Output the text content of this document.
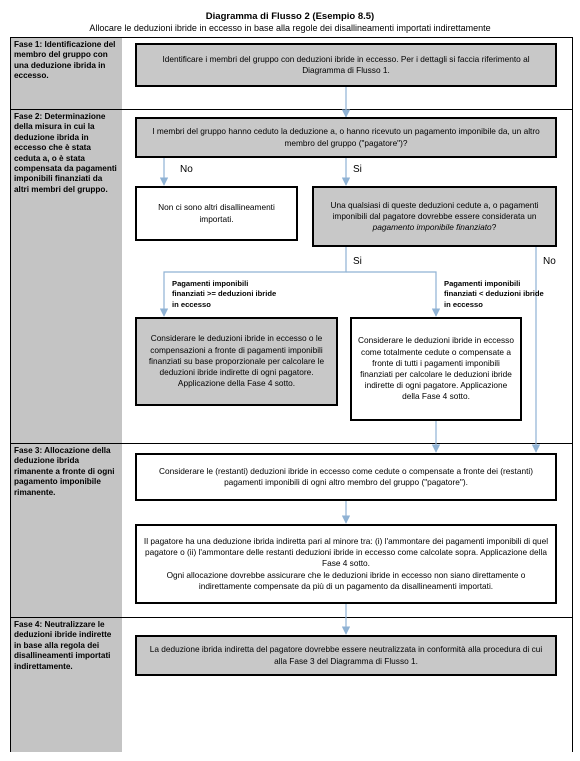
Diagramma di Flusso 2 (Esempio 8.5)
Allocare le deduzioni ibride in eccesso in base alla regole dei disallineamenti importati indirettamente
Fase 1: Identificazione del membro del gruppo con una deduzione ibrida in eccesso.
Fase 2: Determinazione della misura in cui la deduzione ibrida in eccesso che è stata ceduta a, o è stata compensata da pagamenti imponibili finanziati da altri membri del gruppo.
Fase 3: Allocazione della deduzione ibrida rimanente a fronte di ogni pagamento imponibile rimanente.
Fase 4: Neutralizzare le deduzioni ibride indirette in base alla regola dei disallineamenti importati indirettamente.
Identificare i membri del gruppo con deduzioni ibride in eccesso. Per i dettagli si faccia riferimento al Diagramma di Flusso 1.
I membri del gruppo hanno ceduto la deduzione a, o hanno ricevuto un pagamento imponibile da, un altro membro del gruppo ("pagatore")?
No	Si
Non ci sono altri disallineamenti importati.
Una qualsiasi di queste deduzioni cedute a, o pagamenti imponibili dal pagatore dovrebbe essere considerata un pagamento imponibile finanziato?
Si	No
Pagamenti imponibili finanziati >= deduzioni ibride in eccesso
Pagamenti imponibili finanziati < deduzioni ibride in eccesso
Considerare le deduzioni ibride in eccesso o le compensazioni a fronte di pagamenti imponibili finanziati su base proporzionale per calcolare le deduzioni ibride indirette di ogni pagatore. Applicazione della Fase 4 sotto.
Considerare le deduzioni ibride in eccesso come totalmente cedute o compensate a fronte di tutti i pagamenti imponibili finanziati per calcolare le deduzioni ibride indirette di ogni pagatore. Applicazione della Fase 4 sotto.
Considerare le (restanti) deduzioni ibride in eccesso come cedute o compensate a fronte dei (restanti) pagamenti imponibili di ogni altro membro del gruppo ("pagatore").
Il pagatore ha una deduzione ibrida indiretta pari al minore tra: (i) l'ammontare dei pagamenti imponibili di quel pagatore o (ii) l'ammontare delle restanti deduzioni ibride in eccesso come calcolate sopra. Applicazione della Fase 4 sotto.
Ogni allocazione dovrebbe assicurare che le deduzioni ibride in eccesso non siano direttamente o indirettamente compensate da più di un pagamento da disallineamenti importati.
La deduzione ibrida indiretta del pagatore dovrebbe essere neutralizzata in conformità alla procedura di cui alla Fase 3 del Diagramma di Flusso 1.
